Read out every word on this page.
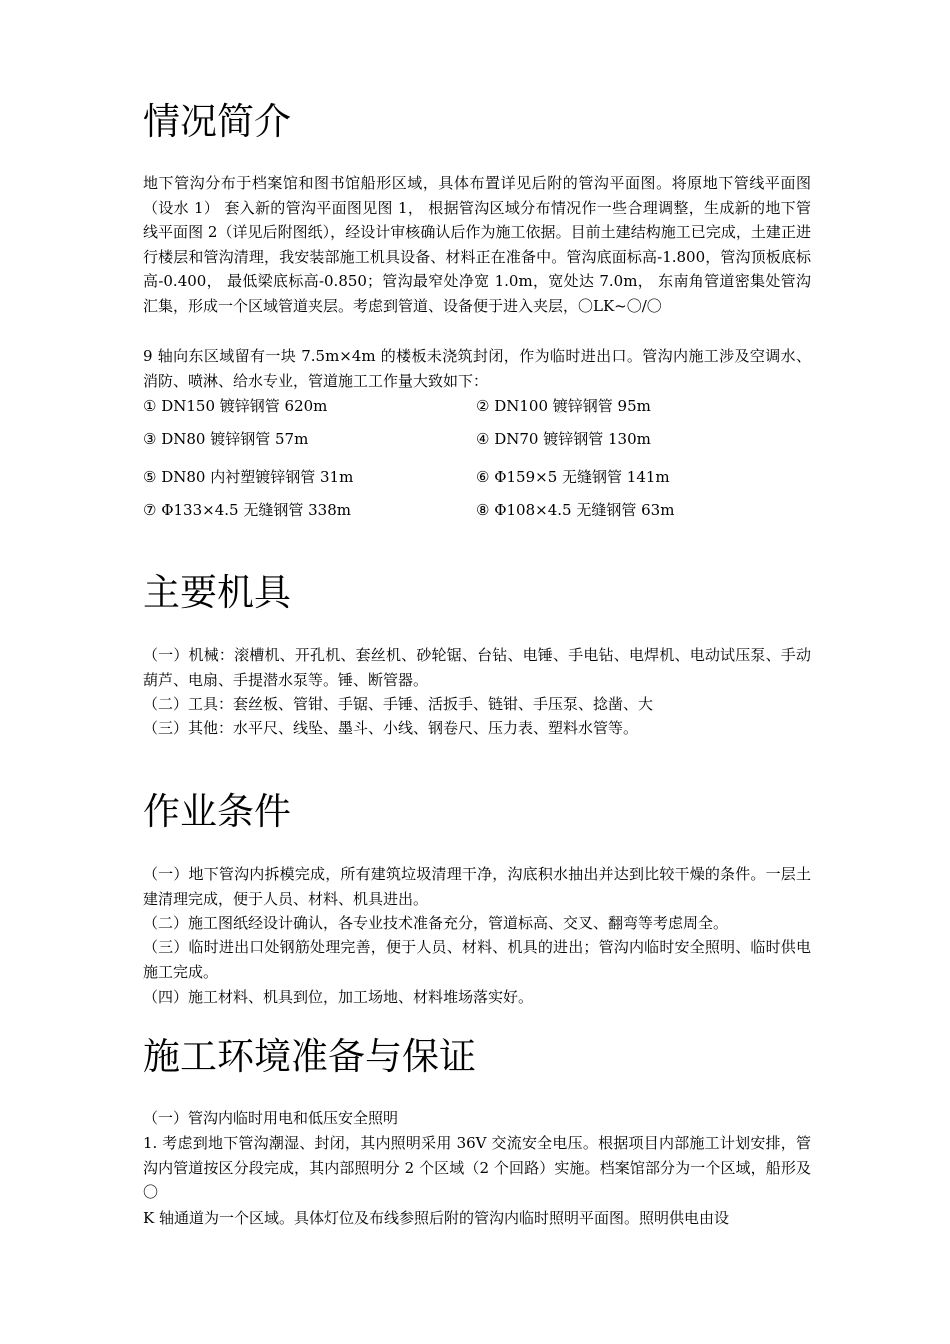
情况简介

地下管沟分布于档案馆和图书馆船形区域，具体布置详见后附的管沟平面图。将原地下管线平面图（设水 1） 套入新的管沟平面图见图 1， 根据管沟区域分布情况作一些合理调整，生成新的地下管线平面图 2（详见后附图纸），经设计审核确认后作为施工依据。目前土建结构施工已完成，土建正进行楼层和管沟清理，我安装部施工机具设备、材料正在准备中。管沟底面标高-1.800，管沟顶板底标高-0.400， 最低梁底标高-0.850；管沟最窄处净宽 1.0m，宽处达 7.0m， 东南角管道密集处管沟汇集，形成一个区域管道夹层。考虑到管道、设备便于进入夹层，〇LK~〇/〇

9 轴向东区域留有一块 7.5m×4m 的楼板未浇筑封闭，作为临时进出口。管沟内施工涉及空调水、消防、喷淋、给水专业，管道施工工作量大致如下：

① DN150 镀锌钢管 620m	② DN100 镀锌钢管 95m
③ DN80 镀锌钢管 57m	④ DN70 镀锌钢管 130m
⑤ DN80 内衬塑镀锌钢管 31m	⑥ Φ159×5 无缝钢管 141m
⑦ Φ133×4.5 无缝钢管 338m	⑧ Φ108×4.5 无缝钢管 63m
主要机具

（一）机械：滚槽机、开孔机、套丝机、砂轮锯、台钻、电锤、手电钻、电焊机、电动试压泵、手动葫芦、电扇、手提潜水泵等。锤、断管器。

（二）工具：套丝板、管钳、手锯、手锤、活扳手、链钳、手压泵、捻凿、大

（三）其他：水平尺、线坠、墨斗、小线、钢卷尺、压力表、塑料水管等。

作业条件

（一）地下管沟内拆模完成，所有建筑垃圾清理干净，沟底积水抽出并达到比较干燥的条件。一层土建清理完成，便于人员、材料、机具进出。

（二）施工图纸经设计确认，各专业技术准备充分，管道标高、交叉、翻弯等考虑周全。

（三）临时进出口处钢筋处理完善，便于人员、材料、机具的进出；管沟内临时安全照明、临时供电施工完成。

（四）施工材料、机具到位，加工场地、材料堆场落实好。

施工环境准备与保证

（一）管沟内临时用电和低压安全照明

1. 考虑到地下管沟潮湿、封闭，其内照明采用 36V 交流安全电压。根据项目内部施工计划安排，管沟内管道按区分段完成，其内部照明分 2 个区域（2 个回路）实施。档案馆部分为一个区域，船形及〇

K 轴通道为一个区域。具体灯位及布线参照后附的管沟内临时照明平面图。照明供电由设
